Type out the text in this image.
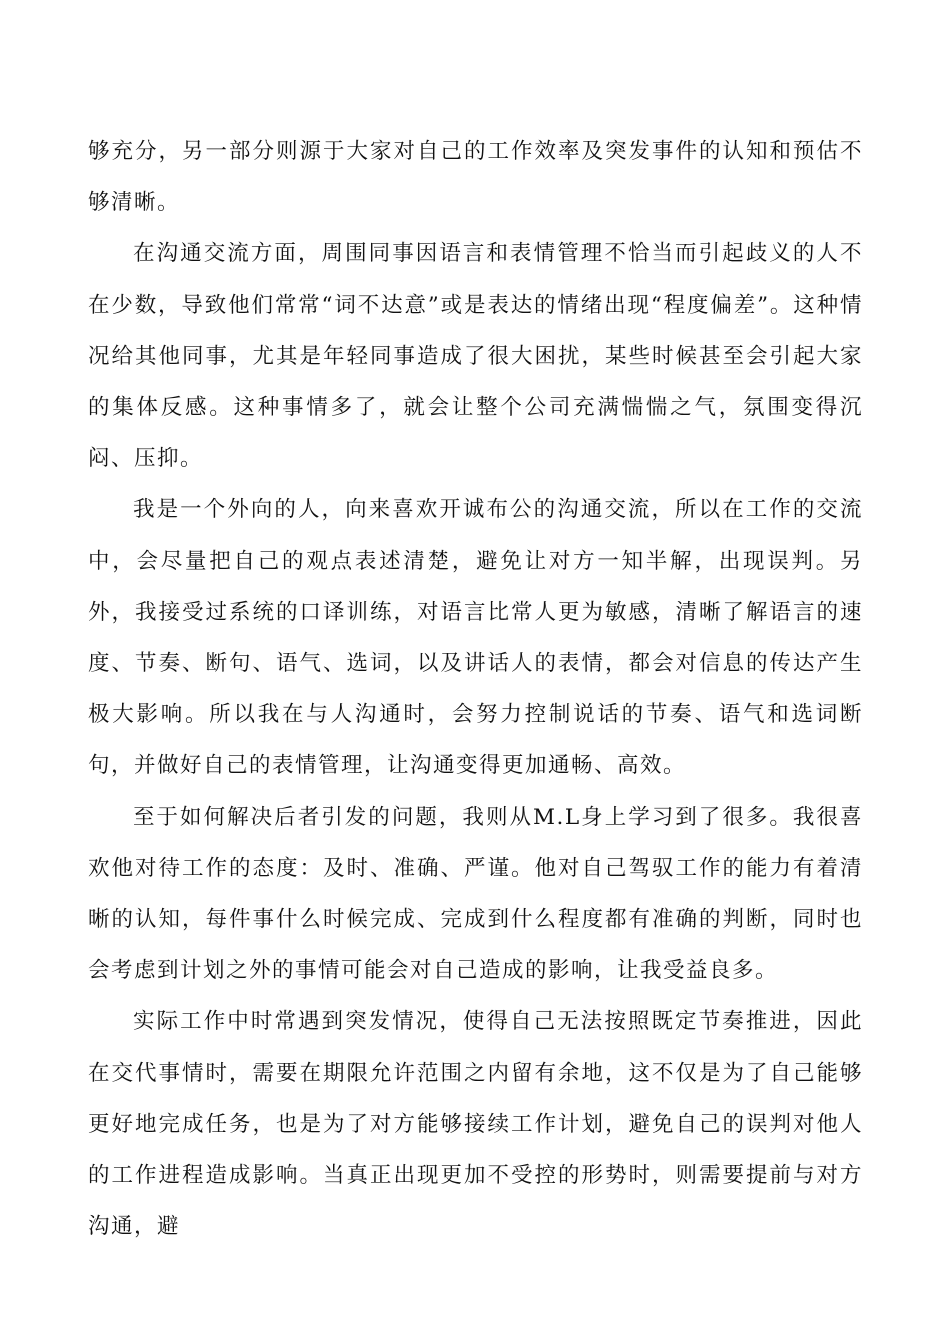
够充分，另一部分则源于大家对自己的工作效率及突发事件的认知和预估不够清晰。

在沟通交流方面，周围同事因语言和表情管理不恰当而引起歧义的人不在少数，导致他们常常“词不达意”或是表达的情绪出现“程度偏差”。这种情况给其他同事，尤其是年轻同事造成了很大困扰，某些时候甚至会引起大家的集体反感。这种事情多了，就会让整个公司充满惴惴之气，氛围变得沉闷、压抑。

我是一个外向的人，向来喜欢开诚布公的沟通交流，所以在工作的交流中，会尽量把自己的观点表述清楚，避免让对方一知半解，出现误判。另外，我接受过系统的口译训练，对语言比常人更为敏感，清晰了解语言的速度、节奏、断句、语气、选词，以及讲话人的表情，都会对信息的传达产生极大影响。所以我在与人沟通时，会努力控制说话的节奏、语气和选词断句，并做好自己的表情管理，让沟通变得更加通畅、高效。

至于如何解决后者引发的问题，我则从M.L身上学习到了很多。我很喜欢他对待工作的态度：及时、准确、严谨。他对自己驾驭工作的能力有着清晰的认知，每件事什么时候完成、完成到什么程度都有准确的判断，同时也会考虑到计划之外的事情可能会对自己造成的影响，让我受益良多。

实际工作中时常遇到突发情况，使得自己无法按照既定节奏推进，因此在交代事情时，需要在期限允许范围之内留有余地，这不仅是为了自己能够更好地完成任务，也是为了对方能够接续工作计划，避免自己的误判对他人的工作进程造成影响。当真正出现更加不受控的形势时，则需要提前与对方沟通，避
